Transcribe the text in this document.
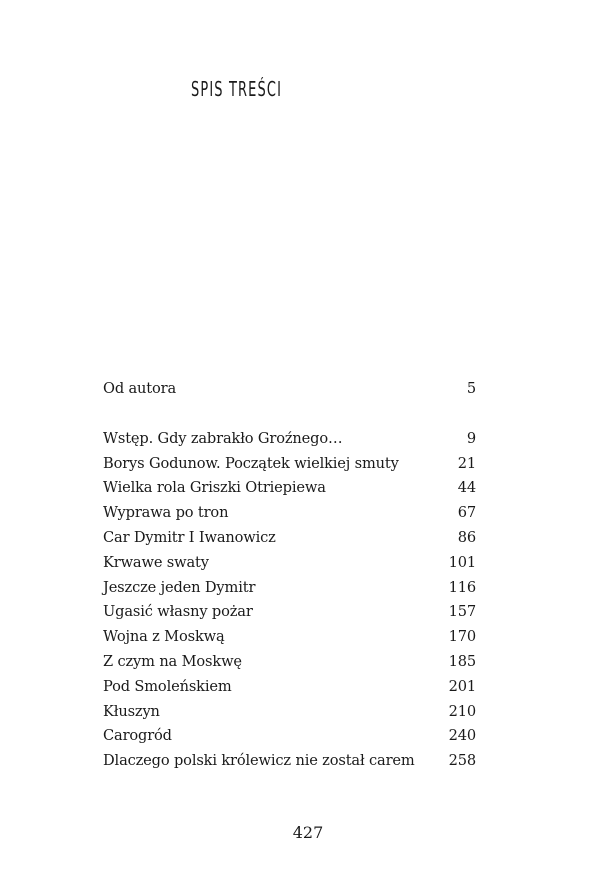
SPIS TREŚCI
Od autora	5
Wstęp. Gdy zabrakło Groźnego…	9
Borys Godunow. Początek wielkiej smuty	21
Wielka rola Griszki Otriepiewa	44
Wyprawa po tron	67
Car Dymitr I Iwanowicz	86
Krwawe swaty	101
Jeszcze jeden Dymitr	116
Ugasić własny pożar	157
Wojna z Moskwą	170
Z czym na Moskwę	185
Pod Smoleńskiem	201
Kłuszyn	210
Carogród	240
Dlaczego polski królewicz nie został carem 258
427
